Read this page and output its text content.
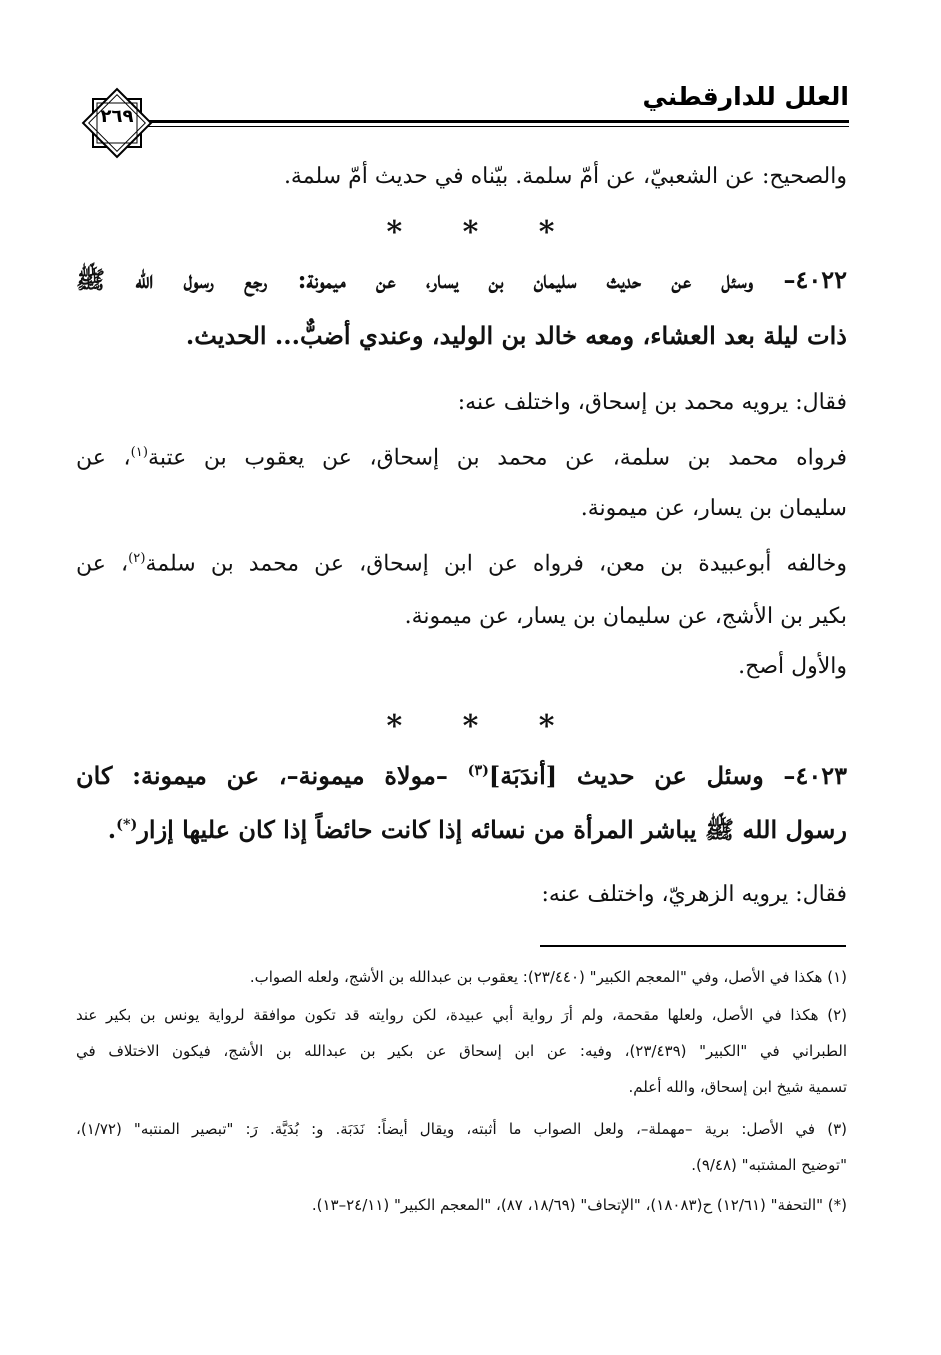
العلل للدارقطني
٢٦٩
والصحيح: عن الشعبيّ، عن أمّ سلمة. بيّناه في حديث أمّ سلمة.
* * *
٤٠٢٢– وسئل عن حديث سليمان بن يسار، عن ميمونة: رجع رسول الله ﷺ
ذات ليلة بعد العشاء، ومعه خالد بن الوليد، وعندي أضبٌّ... الحديث.
فقال: يرويه محمد بن إسحاق، واختلف عنه:
فرواه محمد بن سلمة، عن محمد بن إسحاق، عن يعقوب بن عتبة$^{(١)}$، عن
سليمان بن يسار، عن ميمونة.
وخالفه أبوعبيدة بن معن، فرواه عن ابن إسحاق، عن محمد بن سلمة$^{(٢)}$، عن
بكير بن الأشج، عن سليمان بن يسار، عن ميمونة.
والأول أصح.
* * *
٤٠٢٣– وسئل عن حديث [أندَبَة]$^{(٣)}$ –مولاة ميمونة–، عن ميمونة: كان
رسول الله ﷺ يباشر المرأة من نسائه إذا كانت حائضاً إذا كان عليها إزار(*).
فقال: يرويه الزهريّ، واختلف عنه:
(١) هكذا في الأصل، وفي "المعجم الكبير" (٢٣/٤٤٠): يعقوب بن عبدالله بن الأشج، ولعله الصواب.
(٢) هكذا في الأصل، ولعلها مقحمة، ولم أرَ رواية أبي عبيدة، لكن روايته قد تكون موافقة لرواية يونس بن بكير عند
الطبراني في "الكبير" (٢٣/٤٣٩)، وفيه: عن ابن إسحاق عن بكير بن عبدالله بن الأشج، فيكون الاختلاف في
تسمية شيخ ابن إسحاق، والله أعلم.
(٣) في الأصل: برية –مهملة–، ولعل الصواب ما أثبته، ويقال أيضاً: نَدَبَة. و: بُدَيَّة. رَ: "تبصير المنتبه" (١/٧٢)،
"توضيح المشتبه" (٩/٤٨).
(*) "التحفة" (١٢/٦١) ح(١٨٠٨٣)، "الإتحاف" (١٨/٦٩، ٨٧)، "المعجم الكبير" (٢٤/١١–١٣).
